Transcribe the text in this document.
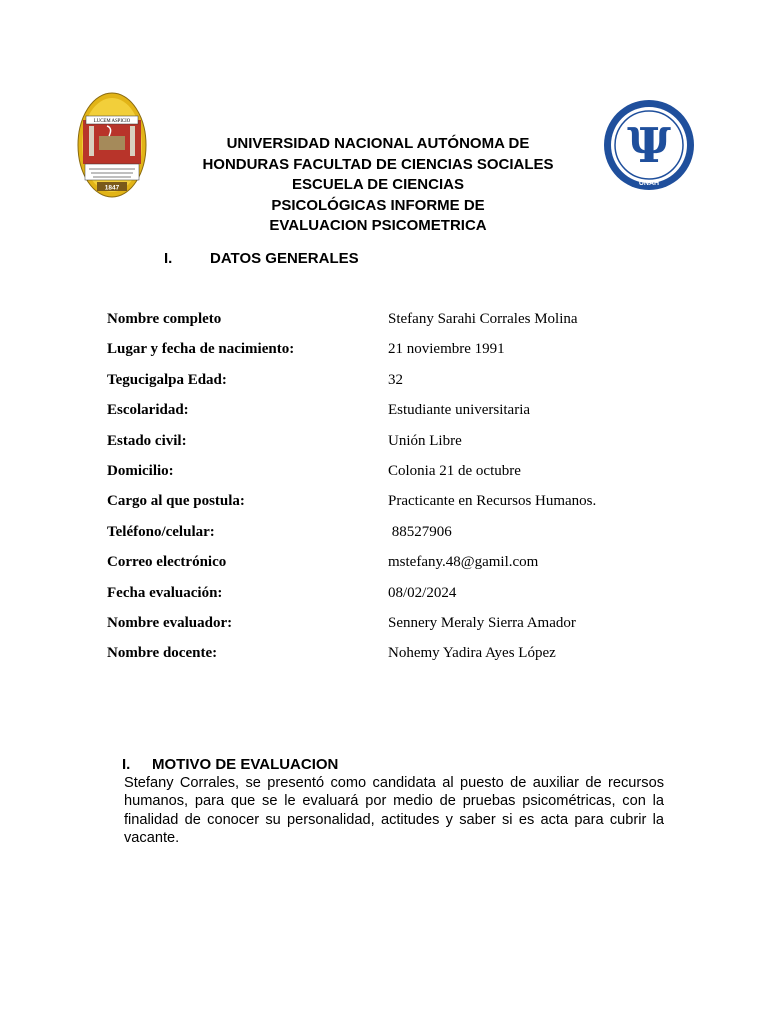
1847
LUCEM ASPICIO	Ψ
UNAH
UNIVERSIDAD NACIONAL AUTÓNOMA DE
HONDURAS FACULTAD DE CIENCIAS SOCIALES
ESCUELA DE CIENCIAS
PSICOLÓGICAS INFORME DE
EVALUACION PSICOMETRICA
I.	DATOS GENERALES
Nombre completo	Stefany Sarahi Corrales Molina
Lugar y fecha de nacimiento:	21 noviembre 1991
Tegucigalpa Edad:	32
Escolaridad:	Estudiante universitaria
Estado civil:	Unión Libre
Domicilio:	Colonia 21 de octubre
Cargo al que postula:	Practicante en Recursos Humanos.
Teléfono/celular:	88527906
Correo electrónico	mstefany.48@gamil.com
Fecha evaluación:	08/02/2024
Nombre evaluador:	Sennery Meraly Sierra Amador
Nombre docente:	Nohemy Yadira Ayes López
I. MOTIVO DE EVALUACION
Stefany Corrales, se presentó como candidata al puesto de auxiliar de recursos humanos, para que se le evaluará por medio de pruebas psicométricas, con la finalidad de conocer su personalidad, actitudes y saber si es acta para cubrir la vacante.
